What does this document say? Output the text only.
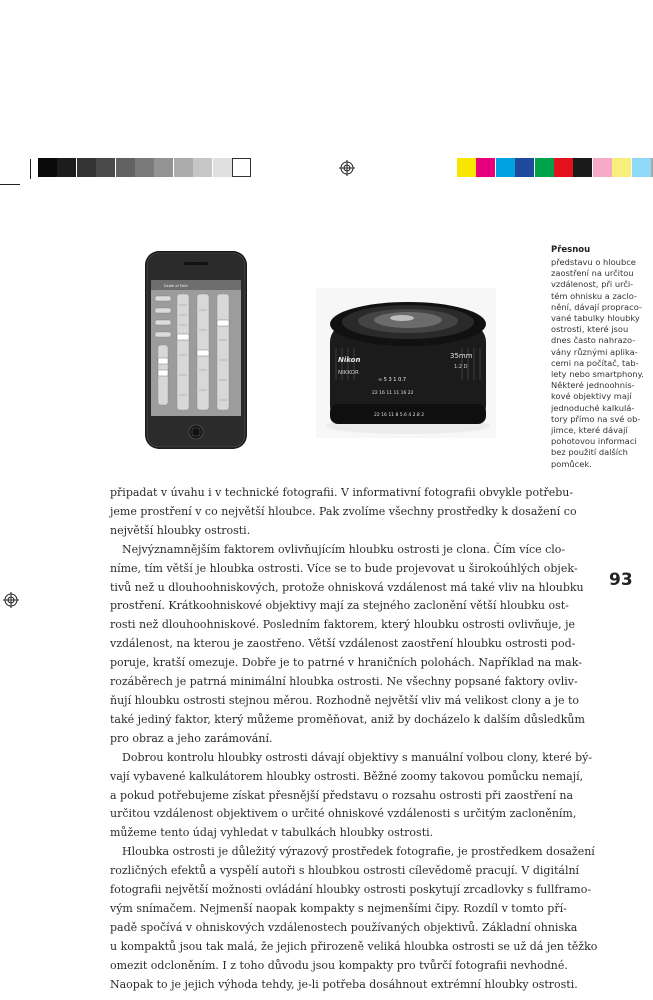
Depth of Field
Nikon
NIKKOR
35mm
1:2 D
∞ 5 3 1 0.7
22 16 11 11 16 22
22 16 11 8 5.6 4 2.8 2
Přesnou
představu o hloubce
zaostření na určitou
vzdálenost, při urči-
tém ohnisku a zaclo-
nění, dávají propraco-
vané tabulky hloubky
ostrosti, které jsou
dnes často nahrazo-
vány různými aplika-
cemi na počítač, tab-
lety nebo smartphony.
Některé jednoohnis-
kové objektivy mají
jednoduché kalkulá-
tory přímo na své ob-
jímce, které dávají
pohotovou informaci
bez použití dalších
pomůcek.
93
připadat v úvahu i v technické fotografii. V informativní fotografii obvykle potřebu-
jeme prostření v co největší hloubce. Pak zvolíme všechny prostředky k dosažení co
největší hloubky ostrosti.
Nejvýznamnějším faktorem ovlivňujícím hloubku ostrosti je clona. Čím více clo-
níme, tím větší je hloubka ostrosti. Více se to bude projevovat u širokoúhlých objek-
tivů než u dlouhoohniskových, protože ohnisková vzdálenost má také vliv na hloubku
prostření. Krátkoohniskové objektivy mají za stejného zaclonění větší hloubku ost-
rosti než dlouhoohniskové. Posledním faktorem, který hloubku ostrosti ovlivňuje, je
vzdálenost, na kterou je zaostřeno. Větší vzdálenost zaostření hloubku ostrosti pod-
poruje, kratší omezuje. Dobře je to patrné v hraničních polohách. Například na mak-
rozáběrech je patrná minimální hloubka ostrosti. Ne všechny popsané faktory ovliv-
ňují hloubku ostrosti stejnou měrou. Rozhodně největší vliv má velikost clony a je to
také jediný faktor, který můžeme proměňovat, aniž by docházelo k dalším důsledkům
pro obraz a jeho zarámování.
Dobrou kontrolu hloubky ostrosti dávají objektivy s manuální volbou clony, které bý-
vají vybavené kalkulátorem hloubky ostrosti. Běžné zoomy takovou pomůcku nemají,
a pokud potřebujeme získat přesnější představu o rozsahu ostrosti při zaostření na
určitou vzdálenost objektivem o určité ohniskové vzdálenosti s určitým zacloněním,
můžeme tento údaj vyhledat v tabulkách hloubky ostrosti.
Hloubka ostrosti je důležitý výrazový prostředek fotografie, je prostředkem dosažení
rozličných efektů a vyspělí autoři s hloubkou ostrosti cílevědomě pracují. V digitální
fotografii největší možnosti ovládání hloubky ostrosti poskytují zrcadlovky s fullframo-
vým snímačem. Nejmenší naopak kompakty s nejmenšími čipy. Rozdíl v tomto pří-
padě spočívá v ohniskových vzdálenostech používaných objektivů. Základní ohniska
u kompaktů jsou tak malá, že jejich přirozeně veliká hloubka ostrosti se už dá jen těžko
omezit odcloněním. I z toho důvodu jsou kompakty pro tvůrčí fotografii nevhodné.
Naopak to je jejich výhoda tehdy, je-li potřeba dosáhnout extrémní hloubky ostrosti.
